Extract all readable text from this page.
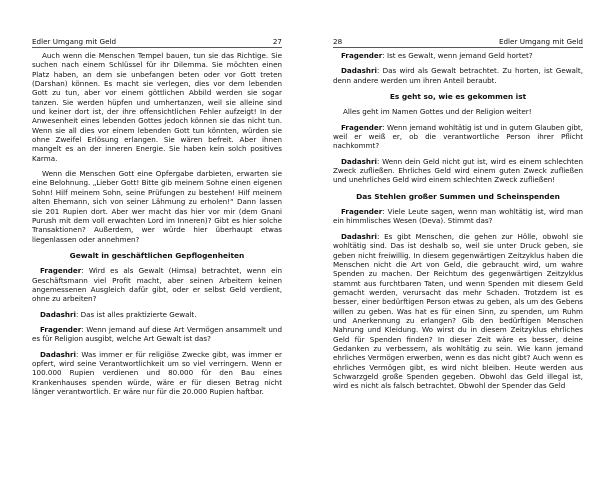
Edler Umgang mit Geld	27

Auch wenn die Menschen Tempel bauen, tun sie das Richtige. Sie suchen nach einem Schlüssel für ihr Dilemma. Sie möchten einen Platz haben, an dem sie unbefangen beten oder vor Gott treten (Darshan) können. Es macht sie verlegen, dies vor dem lebenden Gott zu tun, aber vor einem göttlichen Abbild werden sie sogar tanzen. Sie werden hüpfen und umhertanzen, weil sie alleine sind und keiner dort ist, der ihre offensichtlichen Fehler aufzeigt! In der Anwesenheit eines lebenden Gottes jedoch können sie das nicht tun. Wenn sie all dies vor einem lebenden Gott tun könnten, würden sie ohne Zweifel Erlösung erlangen. Sie wären befreit. Aber ihnen mangelt es an der inneren Energie. Sie haben kein solch positives Karma.

Wenn die Menschen Gott eine Opfergabe darbieten, erwarten sie eine Belohnung. „Lieber Gott! Bitte gib meinem Sohne einen eigenen Sohn! Hilf meinem Sohn, seine Prüfungen zu bestehen! Hilf meinem alten Ehemann, sich von seiner Lähmung zu erholen!“ Dann lassen sie 201 Rupien dort. Aber wer macht das hier vor mir (dem Gnani Purush mit dem voll erwachten Lord im Inneren)? Gibt es hier solche Transaktionen? Außerdem, wer würde hier überhaupt etwas liegenlassen oder annehmen?

Gewalt in geschäftlichen Gepflogenheiten

Fragender: Wird es als Gewalt (Himsa) betrachtet, wenn ein Geschäftsmann viel Profit macht, aber seinen Arbeitern keinen angemessenen Ausgleich dafür gibt, oder er selbst Geld verdient, ohne zu arbeiten?

Dadashri: Das ist alles praktizierte Gewalt.

Fragender: Wenn jemand auf diese Art Vermögen ansammelt und es für Religion ausgibt, welche Art Gewalt ist das?

Dadashri: Was immer er für religiöse Zwecke gibt, was immer er opfert, wird seine Verantwortlichkeit um so viel verringern. Wenn er 100.000 Rupien verdienen und 80.000 für den Bau eines Krankenhauses spenden würde, wäre er für diesen Betrag nicht länger verantwortlich. Er wäre nur für die 20.000 Rupien haftbar.

28	Edler Umgang mit Geld

Fragender: Ist es Gewalt, wenn jemand Geld hortet?

Dadashri: Das wird als Gewalt betrachtet. Zu horten, ist Gewalt, denn andere werden um ihren Anteil beraubt.

Es geht so, wie es gekommen ist

Alles geht im Namen Gottes und der Religion weiter!

Fragender: Wenn jemand wohltätig ist und in gutem Glauben gibt, weil er weiß er, ob die verantwortliche Person ihrer Pflicht nachkommt?

Dadashri: Wenn dein Geld nicht gut ist, wird es einem schlechten Zweck zufließen. Ehrliches Geld wird einem guten Zweck zufließen und unehrliches Geld wird einem schlechten Zweck zufließen!

Das Stehlen großer Summen und Scheinspenden

Fragender: Viele Leute sagen, wenn man wohltätig ist, wird man ein himmlisches Wesen (Deva). Stimmt das?

Dadashri: Es gibt Menschen, die gehen zur Hölle, obwohl sie wohltätig sind. Das ist deshalb so, weil sie unter Druck geben, sie geben nicht freiwillig. In diesem gegenwärtigen Zeitzyklus haben die Menschen nicht die Art von Geld, die gebraucht wird, um wahre Spenden zu machen. Der Reichtum des gegenwärtigen Zeitzyklus stammt aus furchtbaren Taten, und wenn Spenden mit diesem Geld gemacht werden, verursacht das mehr Schaden. Trotzdem ist es besser, einer bedürftigen Person etwas zu geben, als um des Gebens willen zu geben. Was hat es für einen Sinn, zu spenden, um Ruhm und Anerkennung zu erlangen? Gib den bedürftigen Menschen Nahrung und Kleidung. Wo wirst du in diesem Zeitzyklus ehrliches Geld für Spenden finden? In dieser Zeit wäre es besser, deine Gedanken zu verbessern, als wohltätig zu sein. Wie kann jemand ehrliches Vermögen erwerben, wenn es das nicht gibt? Auch wenn es ehrliches Vermögen gibt, es wird nicht bleiben. Heute werden aus Schwarzgeld große Spenden gegeben. Obwohl das Geld illegal ist, wird es nicht als falsch betrachtet. Obwohl der Spender das Geld
